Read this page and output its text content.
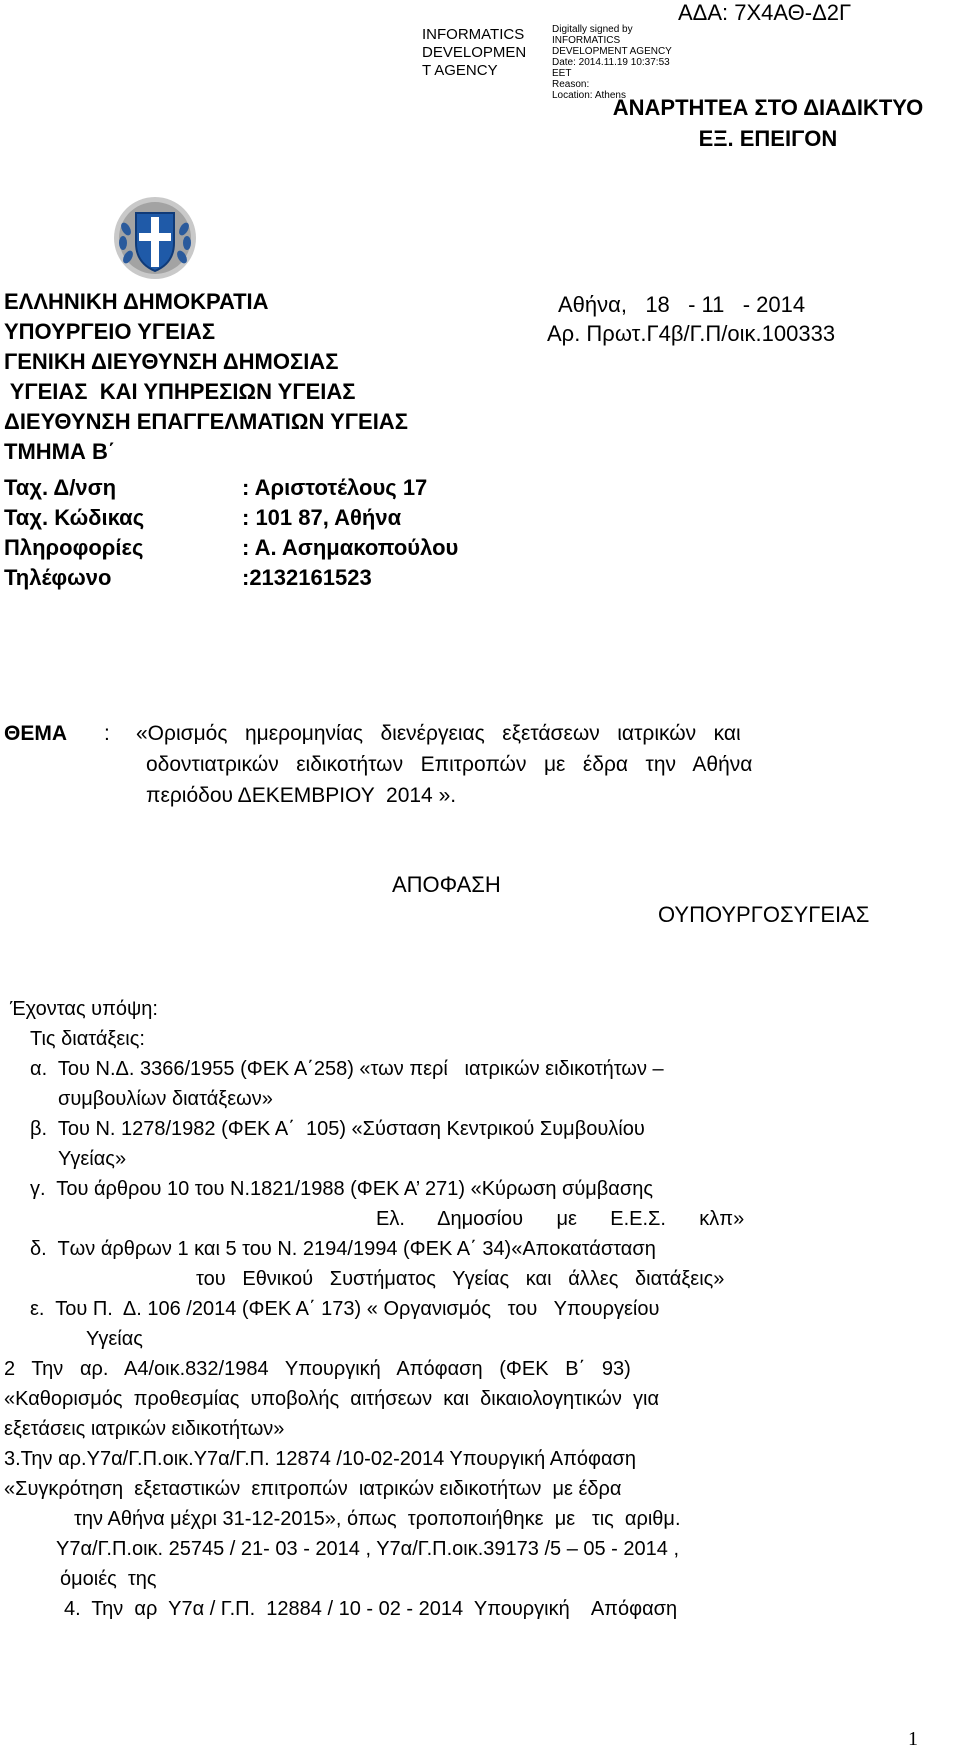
INFORMATICS
DEVELOPMEN
T AGENCY
Digitally signed by
INFORMATICS
DEVELOPMENT AGENCY
Date: 2014.11.19 10:37:53
EET
Reason:
Location: Athens
ΑΔΑ: 7Χ4ΑΘ-Δ2Γ
ΑΝΑΡΤΗΤΕΑ ΣΤΟ ΔΙΑΔΙΚΤΥΟ
ΕΞ. ΕΠΕΙΓΟΝ
ΕΛΛΗΝΙΚΗ ΔΗΜΟΚΡΑΤΙΑ
ΥΠΟΥΡΓΕΙΟ ΥΓΕΙΑΣ
ΓΕΝΙΚΗ ΔΙΕΥΘΥΝΣΗ ΔΗΜΟΣΙΑΣ
ΥΓΕΙΑΣ  ΚΑΙ ΥΠΗΡΕΣΙΩΝ ΥΓΕΙΑΣ
ΔΙΕΥΘΥΝΣΗ ΕΠΑΓΓΕΛΜΑΤΙΩΝ ΥΓΕΙΑΣ
ΤΜΗΜΑ Β΄
Ταχ. Δ/νση	: Αριστοτέλους 17
Ταχ. Κώδικας	: 101 87, Αθήνα
Πληροφορίες	: Α. Ασημακοπούλου
Τηλέφωνο	:2132161523
Αθήνα,   18   - 11   - 2014
Αρ. Πρωτ.Γ4β/Γ.Π/οικ.100333
ΘΕΜΑ : «Ορισμός   ημερομηνίας   διενέργειας   εξετάσεων   ιατρικών   και
οδοντιατρικών   ειδικοτήτων   Επιτροπών   με   έδρα   την   Αθήνα
περιόδου ΔΕΚΕΜΒΡΙΟΥ  2014 ».
ΑΠΟΦΑΣΗ
ΟΥΠΟΥΡΓΟΣΥΓΕΙΑΣ
Έχοντας υπόψη:
Τις διατάξεις:
α.  Του Ν.Δ. 3366/1955 (ΦΕΚ Α΄258) «των περί   ιατρικών ειδικοτήτων –
συμβουλίων διατάξεων»
β.  Του Ν. 1278/1982 (ΦΕΚ Α΄  105) «Σύσταση Κεντρικού Συμβουλίου
Υγείας»
γ.  Του άρθρου 10 του Ν.1821/1988 (ΦΕΚ Α’ 271) «Κύρωση σύμβασης
Ελ.      Δημοσίου      με      Ε.Ε.Σ.      κλπ»
δ.  Των άρθρων 1 και 5 του Ν. 2194/1994 (ΦΕΚ Α΄ 34)«Αποκατάσταση
του   Εθνικού   Συστήματος   Υγείας   και   άλλες   διατάξεις»
ε.  Του Π.  Δ. 106 /2014 (ΦΕΚ Α΄ 173) « Οργανισμός   του   Υπουργείου
Υγείας
2   Την   αρ.   Α4/οικ.832/1984   Υπουργική   Απόφαση   (ΦΕΚ   Β΄   93)
«Καθορισμός  προθεσμίας  υποβολής  αιτήσεων  και  δικαιολογητικών  για
εξετάσεις ιατρικών ειδικοτήτων»
3.Την αρ.Υ7α/Γ.Π.οικ.Υ7α/Γ.Π. 12874 /10-02-2014 Υπουργική Απόφαση
«Συγκρότηση  εξεταστικών  επιτροπών  ιατρικών ειδικοτήτων  με έδρα
την Αθήνα μέχρι 31-12-2015», όπως  τροποποιήθηκε  με   τις  αριθμ.
Υ7α/Γ.Π.οικ. 25745 / 21- 03 - 2014 , Υ7α/Γ.Π.οικ.39173 /5 – 05 - 2014 ,
όμοιές  της
4.  Την  αρ  Υ7α / Γ.Π.  12884 / 10 - 02 - 2014  Υπουργική    Απόφαση
1
